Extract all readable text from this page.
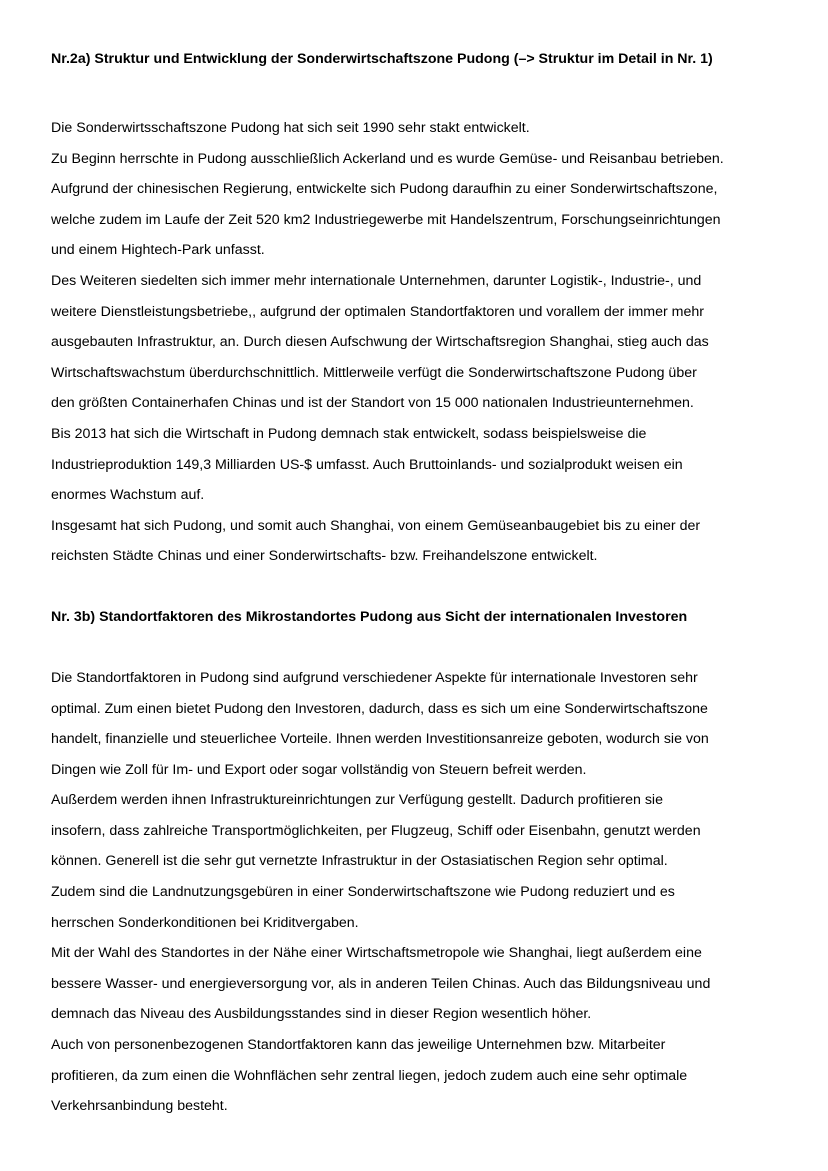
Nr.2a) Struktur und Entwicklung der Sonderwirtschaftszone Pudong (–> Struktur im Detail in Nr. 1)

Die Sonderwirtsschaftszone Pudong hat sich seit 1990 sehr stakt entwickelt.

Zu Beginn herrschte in Pudong ausschließlich Ackerland und es wurde Gemüse- und Reisanbau betrieben.

Aufgrund der chinesischen Regierung, entwickelte sich Pudong daraufhin zu einer Sonderwirtschaftszone,

welche zudem im Laufe der Zeit 520 km2 Industriegewerbe mit Handelszentrum, Forschungseinrichtungen

und einem Hightech-Park unfasst.

Des Weiteren siedelten sich immer mehr internationale Unternehmen, darunter Logistik-, Industrie-, und

weitere Dienstleistungsbetriebe,, aufgrund der optimalen Standortfaktoren und vorallem der immer mehr

ausgebauten Infrastruktur, an. Durch diesen Aufschwung der Wirtschaftsregion Shanghai, stieg auch das

Wirtschaftswachstum überdurchschnittlich. Mittlerweile verfügt die Sonderwirtschaftszone Pudong über

den größten Containerhafen Chinas und ist der Standort von 15 000 nationalen Industrieunternehmen.

Bis 2013 hat sich die Wirtschaft in Pudong demnach stak entwickelt, sodass beispielsweise die

Industrieproduktion 149,3 Milliarden US-$ umfasst. Auch Bruttoinlands- und sozialprodukt weisen ein

enormes Wachstum auf.

Insgesamt hat sich Pudong, und somit auch Shanghai, von einem Gemüseanbaugebiet bis zu einer der

reichsten Städte Chinas und einer Sonderwirtschafts- bzw. Freihandelszone entwickelt.

Nr. 3b) Standortfaktoren des Mikrostandortes Pudong aus Sicht der internationalen Investoren

Die Standortfaktoren in Pudong sind aufgrund verschiedener Aspekte für internationale Investoren sehr

optimal. Zum einen bietet Pudong den Investoren, dadurch, dass es sich um eine Sonderwirtschaftszone

handelt, finanzielle und steuerlichee Vorteile. Ihnen werden Investitionsanreize geboten, wodurch sie von

Dingen wie Zoll für Im- und Export oder sogar vollständig von Steuern befreit werden.

Außerdem werden ihnen Infrastruktureinrichtungen zur Verfügung gestellt. Dadurch profitieren sie

insofern, dass zahlreiche Transportmöglichkeiten, per Flugzeug, Schiff oder Eisenbahn, genutzt werden

können. Generell ist die sehr gut vernetzte Infrastruktur in der Ostasiatischen Region sehr optimal.

Zudem sind die Landnutzungsgebüren in einer Sonderwirtschaftszone wie Pudong reduziert und es

herrschen Sonderkonditionen bei Kriditvergaben.

Mit der Wahl des Standortes in der Nähe einer Wirtschaftsmetropole wie Shanghai, liegt außerdem eine

bessere Wasser- und energieversorgung vor, als in anderen Teilen Chinas. Auch das Bildungsniveau und

demnach das Niveau des Ausbildungsstandes sind in dieser Region wesentlich höher.

Auch von personenbezogenen Standortfaktoren kann das jeweilige Unternehmen bzw. Mitarbeiter

profitieren, da zum einen die Wohnflächen sehr zentral liegen, jedoch zudem auch eine sehr optimale

Verkehrsanbindung besteht.
